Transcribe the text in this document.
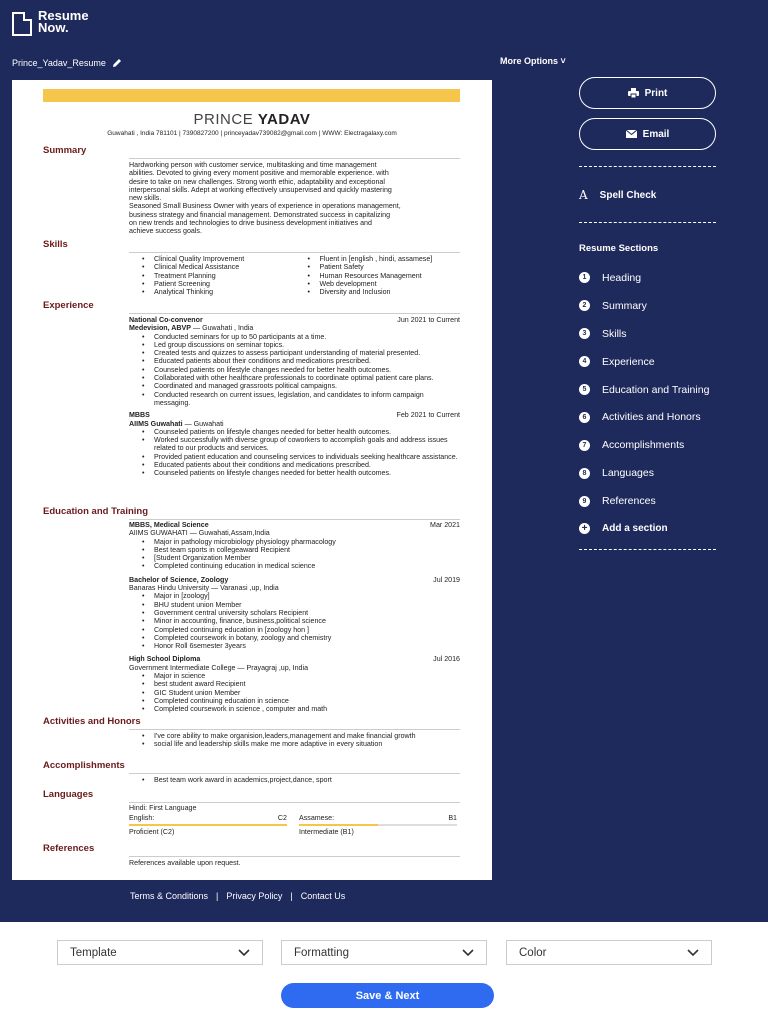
Resume
Now.
Prince_Yadav_Resume	More Options ˅
PRINCE YADAV
Guwahati , India 781101 | 7390827200 | princeyadav739082@gmail.com | WWW: Electragalaxy.com
Summary
Hardworking person with customer service, multitasking and time management
abilities. Devoted to giving every moment positive and memorable experience. with
desire to take on new challenges. Strong worth ethic, adaptability and exceptional
interpersonal skills. Adept at working effectively unsupervised and quickly mastering
new skills.
Seasoned Small Business Owner with years of experience in operations management,
business strategy and financial management. Demonstrated success in capitalizing
on new trends and technologies to drive business development initiatives and
achieve success goals.
Skills
• Clinical Quality Improvement
• Clinical Medical Assistance
• Treatment Planning
• Patient Screening
• Analytical Thinking
• Fluent in [english , hindi, assamese]
• Patient Safety
• Human Resources Management
• Web development
• Diversity and Inclusion
Experience
National Co-convenor	Jun 2021 to Current
Medevision, ABVP — Guwahati , India
• Conducted seminars for up to 50 participants at a time.
• Led group discussions on seminar topics.
• Created tests and quizzes to assess participant understanding of material presented.
• Educated patients about their conditions and medications prescribed.
• Counseled patients on lifestyle changes needed for better health outcomes.
• Collaborated with other healthcare professionals to coordinate optimal patient care plans.
• Coordinated and managed grassroots political campaigns.
• Conducted research on current issues, legislation, and candidates to inform campaign messaging.
MBBS	Feb 2021 to Current
AIIMS Guwahati — Guwahati
• Counseled patients on lifestyle changes needed for better health outcomes.
• Worked successfully with diverse group of coworkers to accomplish goals and address issues related to our products and services.
• Provided patient education and counseling services to individuals seeking healthcare assistance.
• Educated patients about their conditions and medications prescribed.
• Counseled patients on lifestyle changes needed for better health outcomes.
Education and Training
MBBS, Medical Science	Mar 2021
AIIMS GUWAHATI — Guwahati,Assam,India
• Major in pathology microbiology physiology pharmacology
• Best team sports in collegeaward Recipient
• [Student Organization Member
• Completed continuing education in medical science
Bachelor of Science, Zoology	Jul 2019
Banaras Hindu University — Varanasi ,up, India
• Major in [zoology]
• BHU student union Member
• Government central university scholars Recipient
• Minor in accounting, finance, business,political science
• Completed continuing education in [zoology hon ]
• Completed coursework in botany, zoology and chemistry
• Honor Roll 6semester 3years
High School Diploma	Jul 2016
Government Intermediate College — Prayagraj ,up, India
• Major in science
• best student award Recipient
• GIC Student union Member
• Completed continuing education in science
• Completed coursework in science , computer and math
Activities and Honors
• I've core ability to make organision,leaders,management and make financial growth
• social life and leadership skills make me more adaptive in every situation
Accomplishments
• Best team work award in academics,project,dance, sport
Languages
Hindi: First Language
English:	C2
Proficient (C2)
Assamese:	B1
Intermediate (B1)
References
References available upon request.
Terms & Conditions | Privacy Policy | Contact Us
Print
Email
A Spell Check
Resume Sections
1	Heading
2	Summary
3	Skills
4	Experience
5	Education and Training
6	Activities and Honors
7	Accomplishments
8	Languages
9	References
+ Add a section
Template	Formatting	Color
Save & Next
